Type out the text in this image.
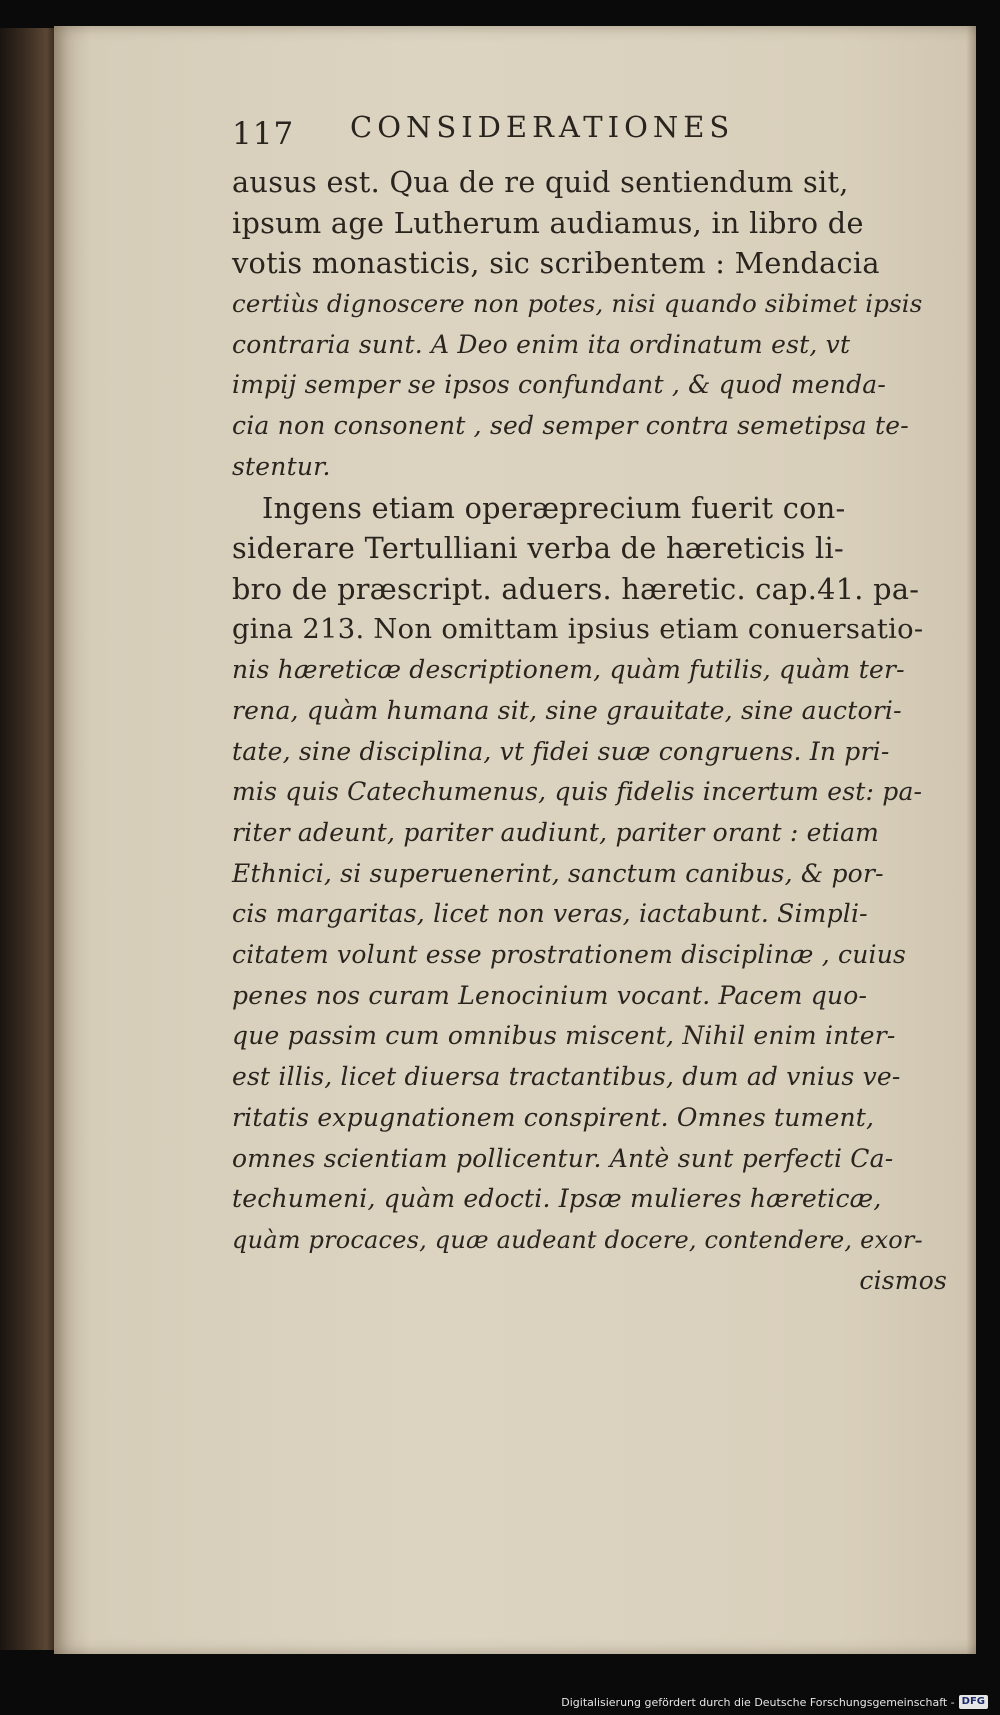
117 CONSIDERATIONES
ausus est. Qua de re quid sentiendum sit,
ipsum age Lutherum audiamus, in libro de
votis monasticis, sic scribentem : Mendacia
certiùs dignoscere non potes, nisi quando sibimet ipsis
contraria sunt. A Deo enim ita ordinatum est, vt
impij semper se ipsos confundant , & quod menda-
cia non consonent , sed semper contra semetipsa te-
stentur.
Ingens etiam operæprecium fuerit con-
siderare Tertulliani verba de hæreticis li-
bro de præscript. aduers. hæretic. cap.41. pa-
gina 213. Non omittam ipsius etiam conuersatio-
nis hæreticæ descriptionem, quàm futilis, quàm ter-
rena, quàm humana sit, sine grauitate, sine auctori-
tate, sine disciplina, vt fidei suæ congruens. In pri-
mis quis Catechumenus, quis fidelis incertum est: pa-
riter adeunt, pariter audiunt, pariter orant : etiam
Ethnici, si superuenerint, sanctum canibus, & por-
cis margaritas, licet non veras, iactabunt. Simpli-
citatem volunt esse prostrationem disciplinæ , cuius
penes nos curam Lenocinium vocant. Pacem quo-
que passim cum omnibus miscent, Nihil enim inter-
est illis, licet diuersa tractantibus, dum ad vnius ve-
ritatis expugnationem conspirent. Omnes tument,
omnes scientiam pollicentur. Antè sunt perfecti Ca-
techumeni, quàm edocti. Ipsæ mulieres hæreticæ,
quàm procaces, quæ audeant docere, contendere, exor-
cismos
Digitalisierung gefördert durch die Deutsche Forschungsgemeinschaft - DFG
